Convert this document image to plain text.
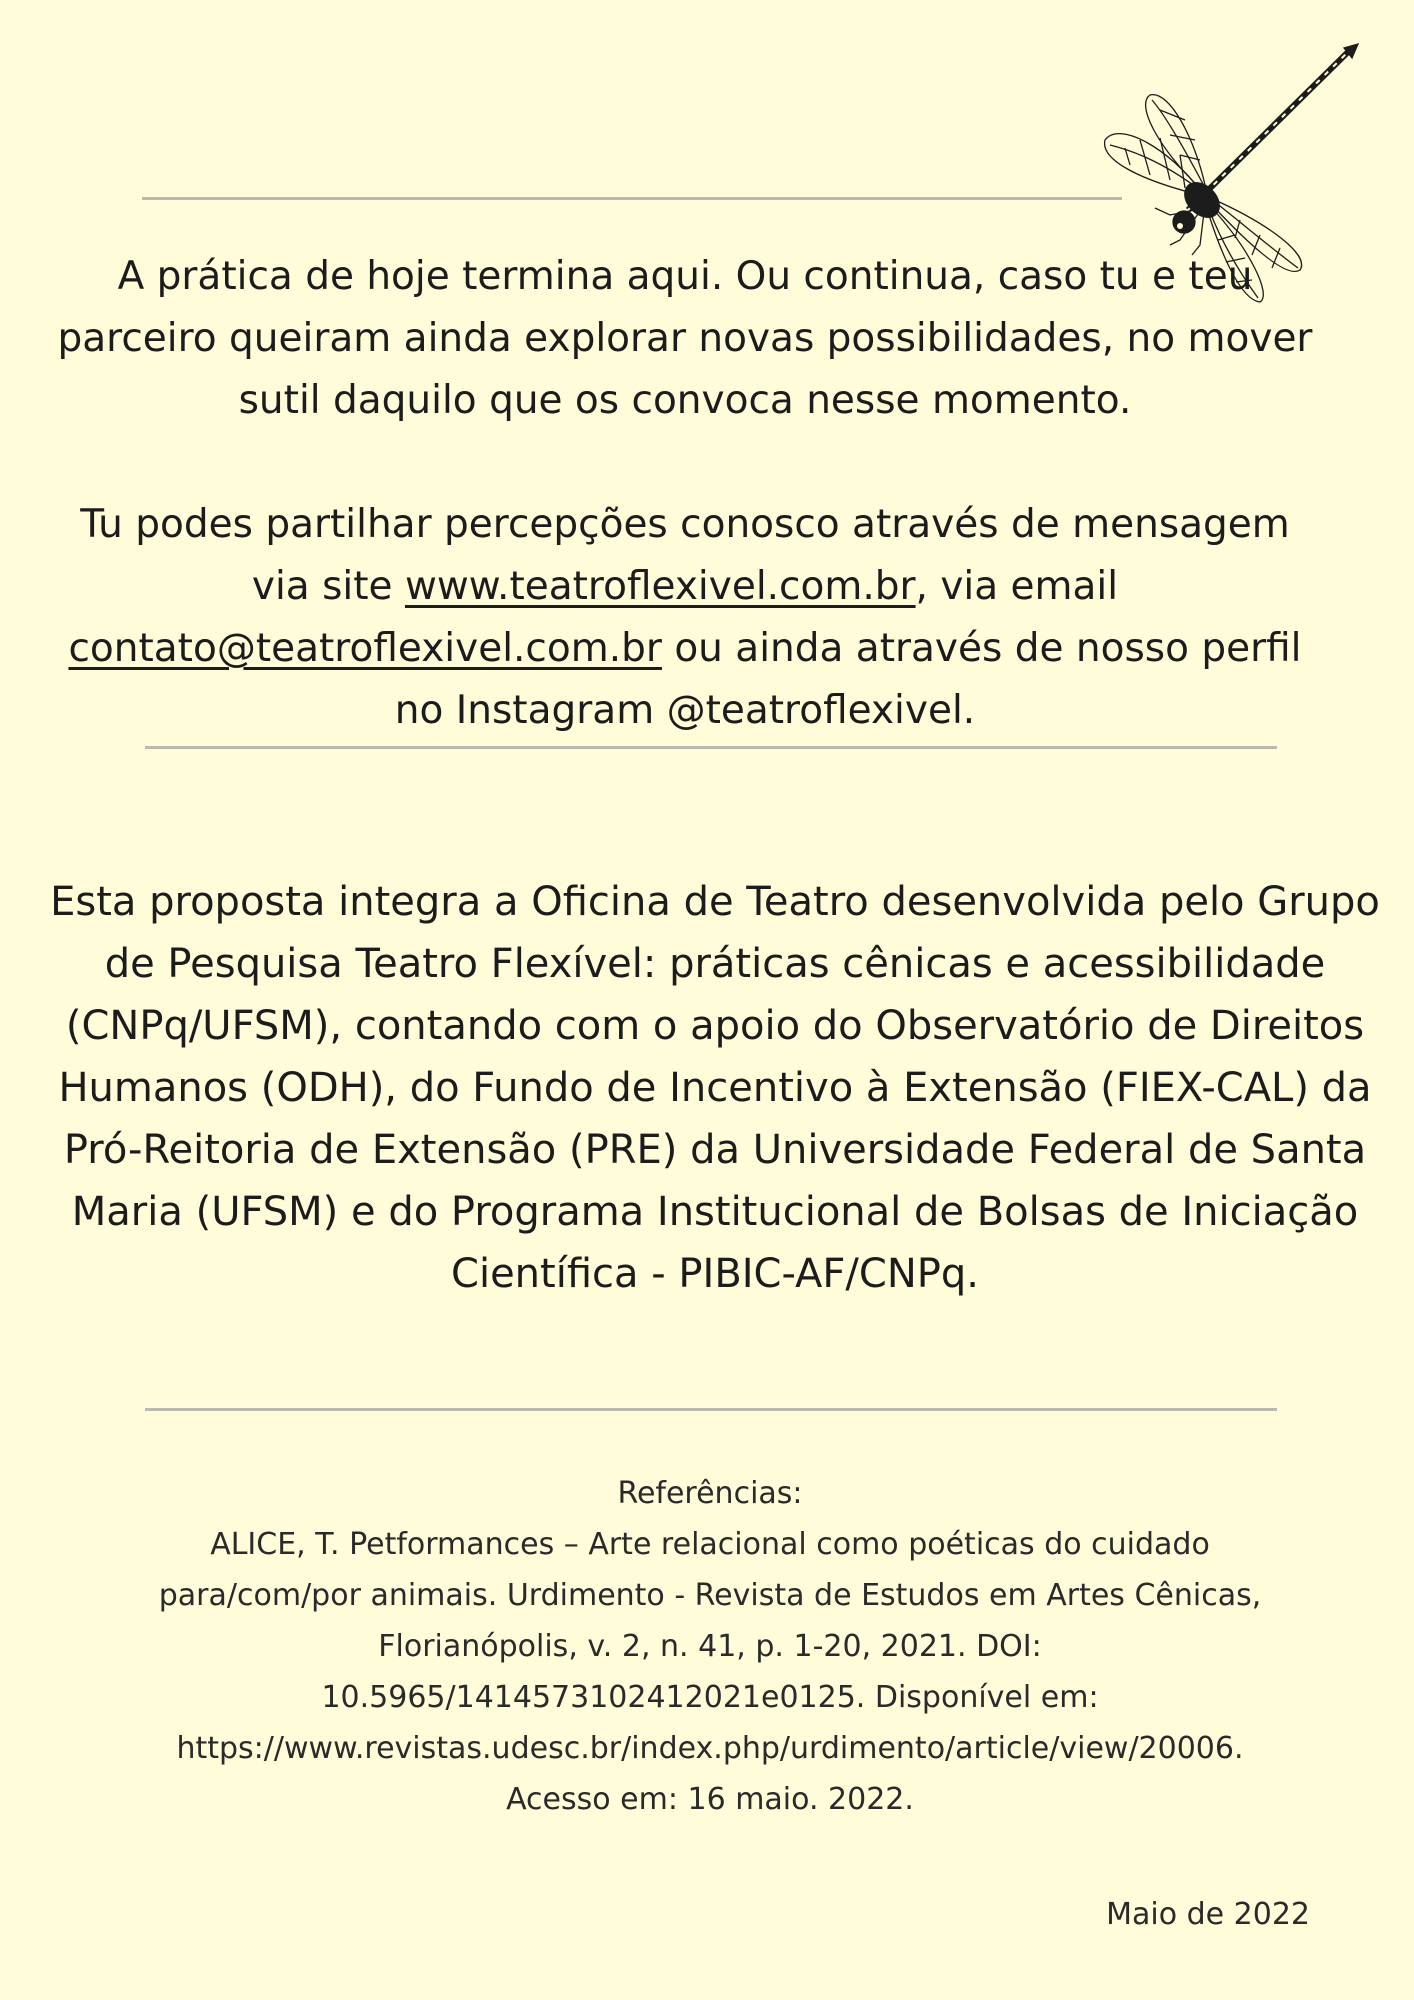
A prática de hoje termina aqui. Ou continua, caso tu e teu

parceiro queiram ainda explorar novas possibilidades, no mover

sutil daquilo que os convoca nesse momento.

Tu podes partilhar percepções conosco através de mensagem

via site www.teatroflexivel.com.br, via email

contato@teatroflexivel.com.br ou ainda através de nosso perfil

no Instagram @teatroflexivel.

Esta proposta integra a Oficina de Teatro desenvolvida pelo Grupo de Pesquisa Teatro Flexível: práticas cênicas e acessibilidade (CNPq/UFSM), contando com o apoio do Observatório de Direitos Humanos (ODH), do Fundo de Incentivo à Extensão (FIEX-CAL) da Pró-Reitoria de Extensão (PRE) da Universidade Federal de Santa Maria (UFSM) e do Programa Institucional de Bolsas de Iniciação Científica - PIBIC-AF/CNPq.

Referências:

ALICE, T. Petformances – Arte relacional como poéticas do cuidado para/com/por animais. Urdimento - Revista de Estudos em Artes Cênicas, Florianópolis, v. 2, n. 41, p. 1-20, 2021. DOI: 10.5965/1414573102412021e0125. Disponível em: https://www.revistas.udesc.br/index.php/urdimento/article/view/20006. Acesso em: 16 maio. 2022.

Maio de 2022
